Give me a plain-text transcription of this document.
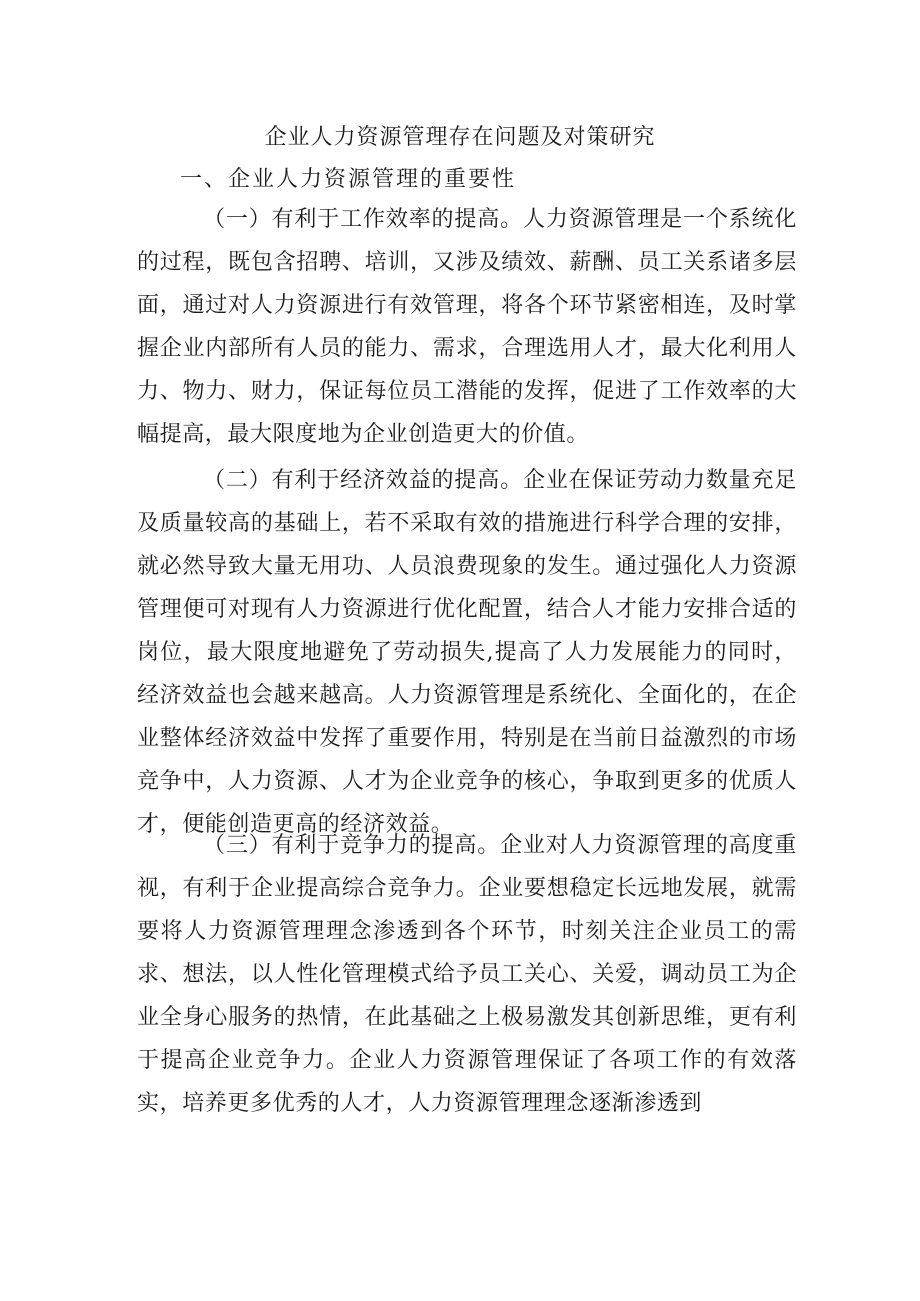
企业人力资源管理存在问题及对策研究
一、企业人力资源管理的重要性

（一）有利于工作效率的提高。人力资源管理是一个系统化的过程，既包含招聘、培训，又涉及绩效、薪酬、员工关系诸多层面，通过对人力资源进行有效管理，将各个环节紧密相连，及时掌握企业内部所有人员的能力、需求，合理选用人才，最大化利用人力、物力、财力，保证每位员工潜能的发挥，促进了工作效率的大幅提高，最大限度地为企业创造更大的价值。

（二）有利于经济效益的提高。企业在保证劳动力数量充足及质量较高的基础上，若不采取有效的措施进行科学合理的安排，就必然导致大量无用功、人员浪费现象的发生。通过强化人力资源管理便可对现有人力资源进行优化配置，结合人才能力安排合适的岗位，最大限度地避免了劳动损失,提高了人力发展能力的同时，经济效益也会越来越高。人力资源管理是系统化、全面化的，在企业整体经济效益中发挥了重要作用，特别是在当前日益激烈的市场竞争中，人力资源、人才为企业竞争的核心，争取到更多的优质人才，便能创造更高的经济效益。

（三）有利于竞争力的提高。企业对人力资源管理的高度重视，有利于企业提高综合竞争力。企业要想稳定长远地发展，就需要将人力资源管理理念渗透到各个环节，时刻关注企业员工的需求、想法，以人性化管理模式给予员工关心、关爱，调动员工为企业全身心服务的热情，在此基础之上极易激发其创新思维，更有利于提高企业竞争力。企业人力资源管理保证了各项工作的有效落实，培养更多优秀的人才，人力资源管理理念逐渐渗透到
